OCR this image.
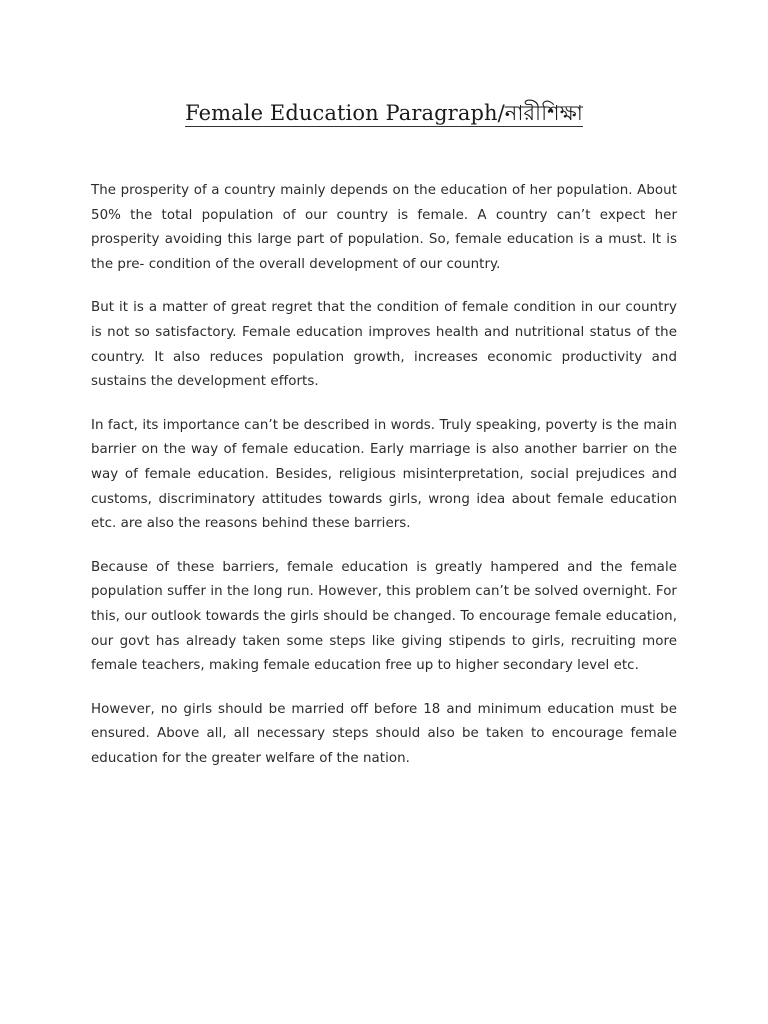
Female Education Paragraph/নারীশিক্ষা

The prosperity of a country mainly depends on the education of her population. About 50% the total population of our country is female. A country can’t expect her prosperity avoiding this large part of population. So, female education is a must. It is the pre- condition of the overall development of our country.

But it is a matter of great regret that the condition of female condition in our country is not so satisfactory. Female education improves health and nutritional status of the country. It also reduces population growth, increases economic productivity and sustains the development efforts.

In fact, its importance can’t be described in words. Truly speaking, poverty is the main barrier on the way of female education. Early marriage is also another barrier on the way of female education. Besides, religious misinterpretation, social prejudices and customs, discriminatory attitudes towards girls, wrong idea about female education etc. are also the reasons behind these barriers.

Because of these barriers, female education is greatly hampered and the female population suffer in the long run. However, this problem can’t be solved overnight. For this, our outlook towards the girls should be changed. To encourage female education, our govt has already taken some steps like giving stipends to girls, recruiting more female teachers, making female education free up to higher secondary level etc.

However, no girls should be married off before 18 and minimum education must be ensured. Above all, all necessary steps should also be taken to encourage female education for the greater welfare of the nation.
